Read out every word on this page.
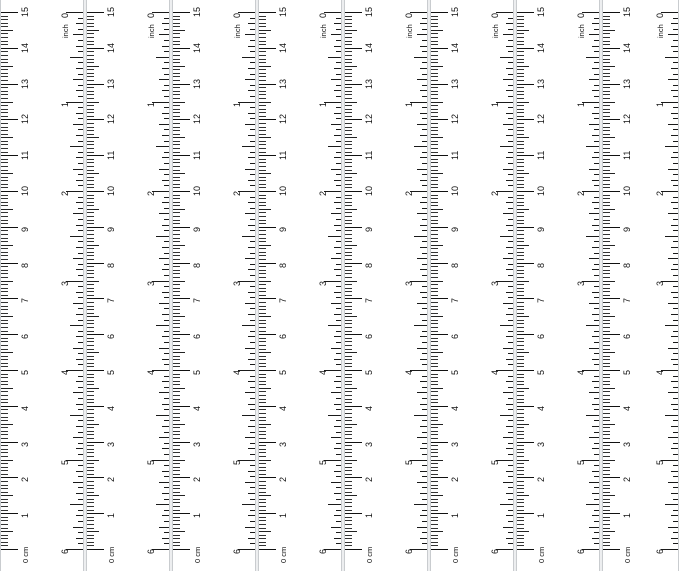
1
2
3
4
5
6
7
8
9
10
11
12
13
14
15
0 cm
1
2
3
4
5
6
inch
0
1
2
3
4
5
6
7
8
9
10
11
12
13
14
15
0 cm
1
2
3
4
5
6
inch
0
1
2
3
4
5
6
7
8
9
10
11
12
13
14
15
0 cm
1
2
3
4
5
6
inch
0
1
2
3
4
5
6
7
8
9
10
11
12
13
14
15
0 cm
1
2
3
4
5
6
inch
0
1
2
3
4
5
6
7
8
9
10
11
12
13
14
15
0 cm
1
2
3
4
5
6
inch
0
1
2
3
4
5
6
7
8
9
10
11
12
13
14
15
0 cm
1
2
3
4
5
6
inch
0
1
2
3
4
5
6
7
8
9
10
11
12
13
14
15
0 cm
1
2
3
4
5
6
inch
0
1
2
3
4
5
6
7
8
9
10
11
12
13
14
15
0 cm
1
2
3
4
5
6
inch
0
